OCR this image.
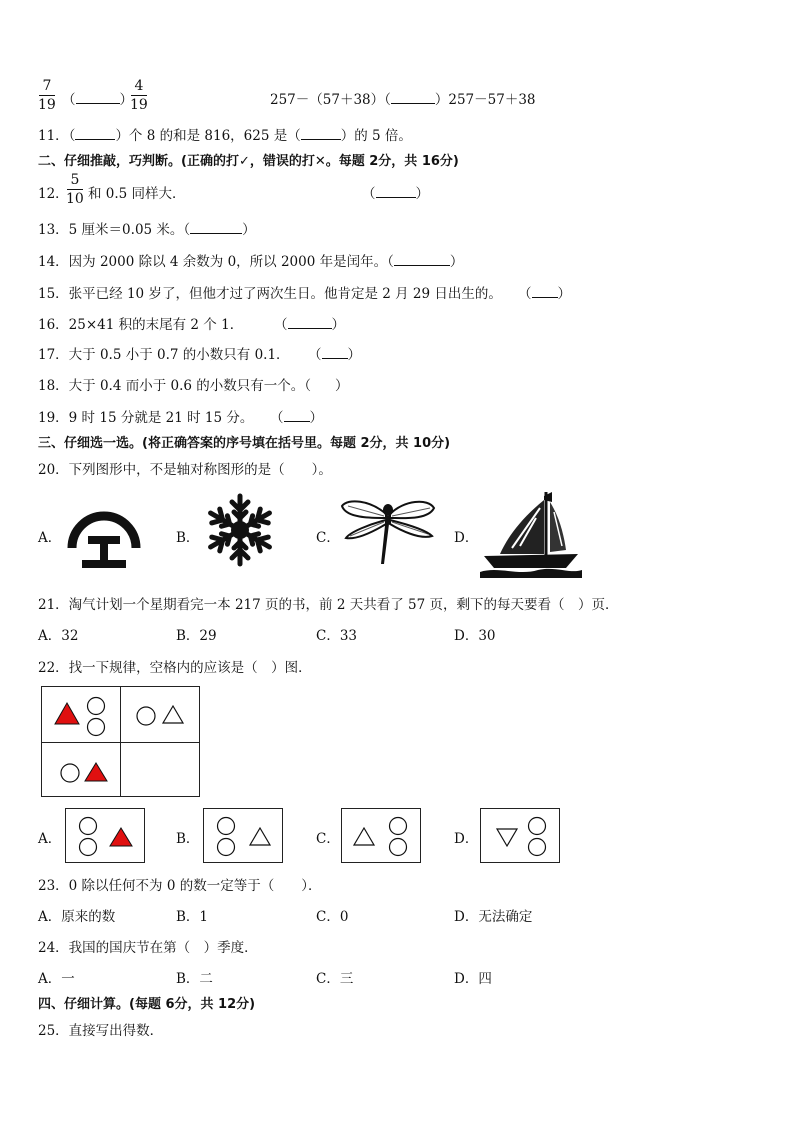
7
19 （	）
4
19	257－（57＋38）（	）257－57＋38
11．（	）个 8 的和是 816，625 是（	）的 5 倍。
二、仔细推敲，巧判断。(正确的打✓，错误的打✕。每题 2分，共 16分)
12．
5
10 和 0.5 同样大．	（	）
13．5 厘米＝0.05 米。（	）
14．因为 2000 除以 4 余数为 0，所以 2000 年是闰年。（	）
15．张平已经 10 岁了，但他才过了两次生日。他肯定是 2 月 29 日出生的。 （ ）
16．25×41 积的末尾有 2 个 1． （	）
17．大于 0.5 小于 0.7 的小数只有 0.1． （ ）
18．大于 0.4 而小于 0.6 的小数只有一个。（ ）
19．9 时 15 分就是 21 时 15 分。 （ ）
三、仔细选一选。(将正确答案的序号填在括号里。每题 2分，共 10分)
20．下列图形中，不是轴对称图形的是（　　）。
A．	B．	C．	D．
21．淘气计划一个星期看完一本 217 页的书，前 2 天共看了 57 页，剩下的每天要看（　）页．
A．32	B．29	C．33	D．30
22．找一下规律，空格内的应该是（　）图．
A．	B．	C．	D．
23．0 除以任何不为 0 的数一定等于（　　）．
A．原来的数	B．1	C．0	D．无法确定
24．我国的国庆节在第（　）季度．
A．一	B．二	C．三	D．四
四、仔细计算。(每题 6分，共 12分)
25．直接写出得数．
